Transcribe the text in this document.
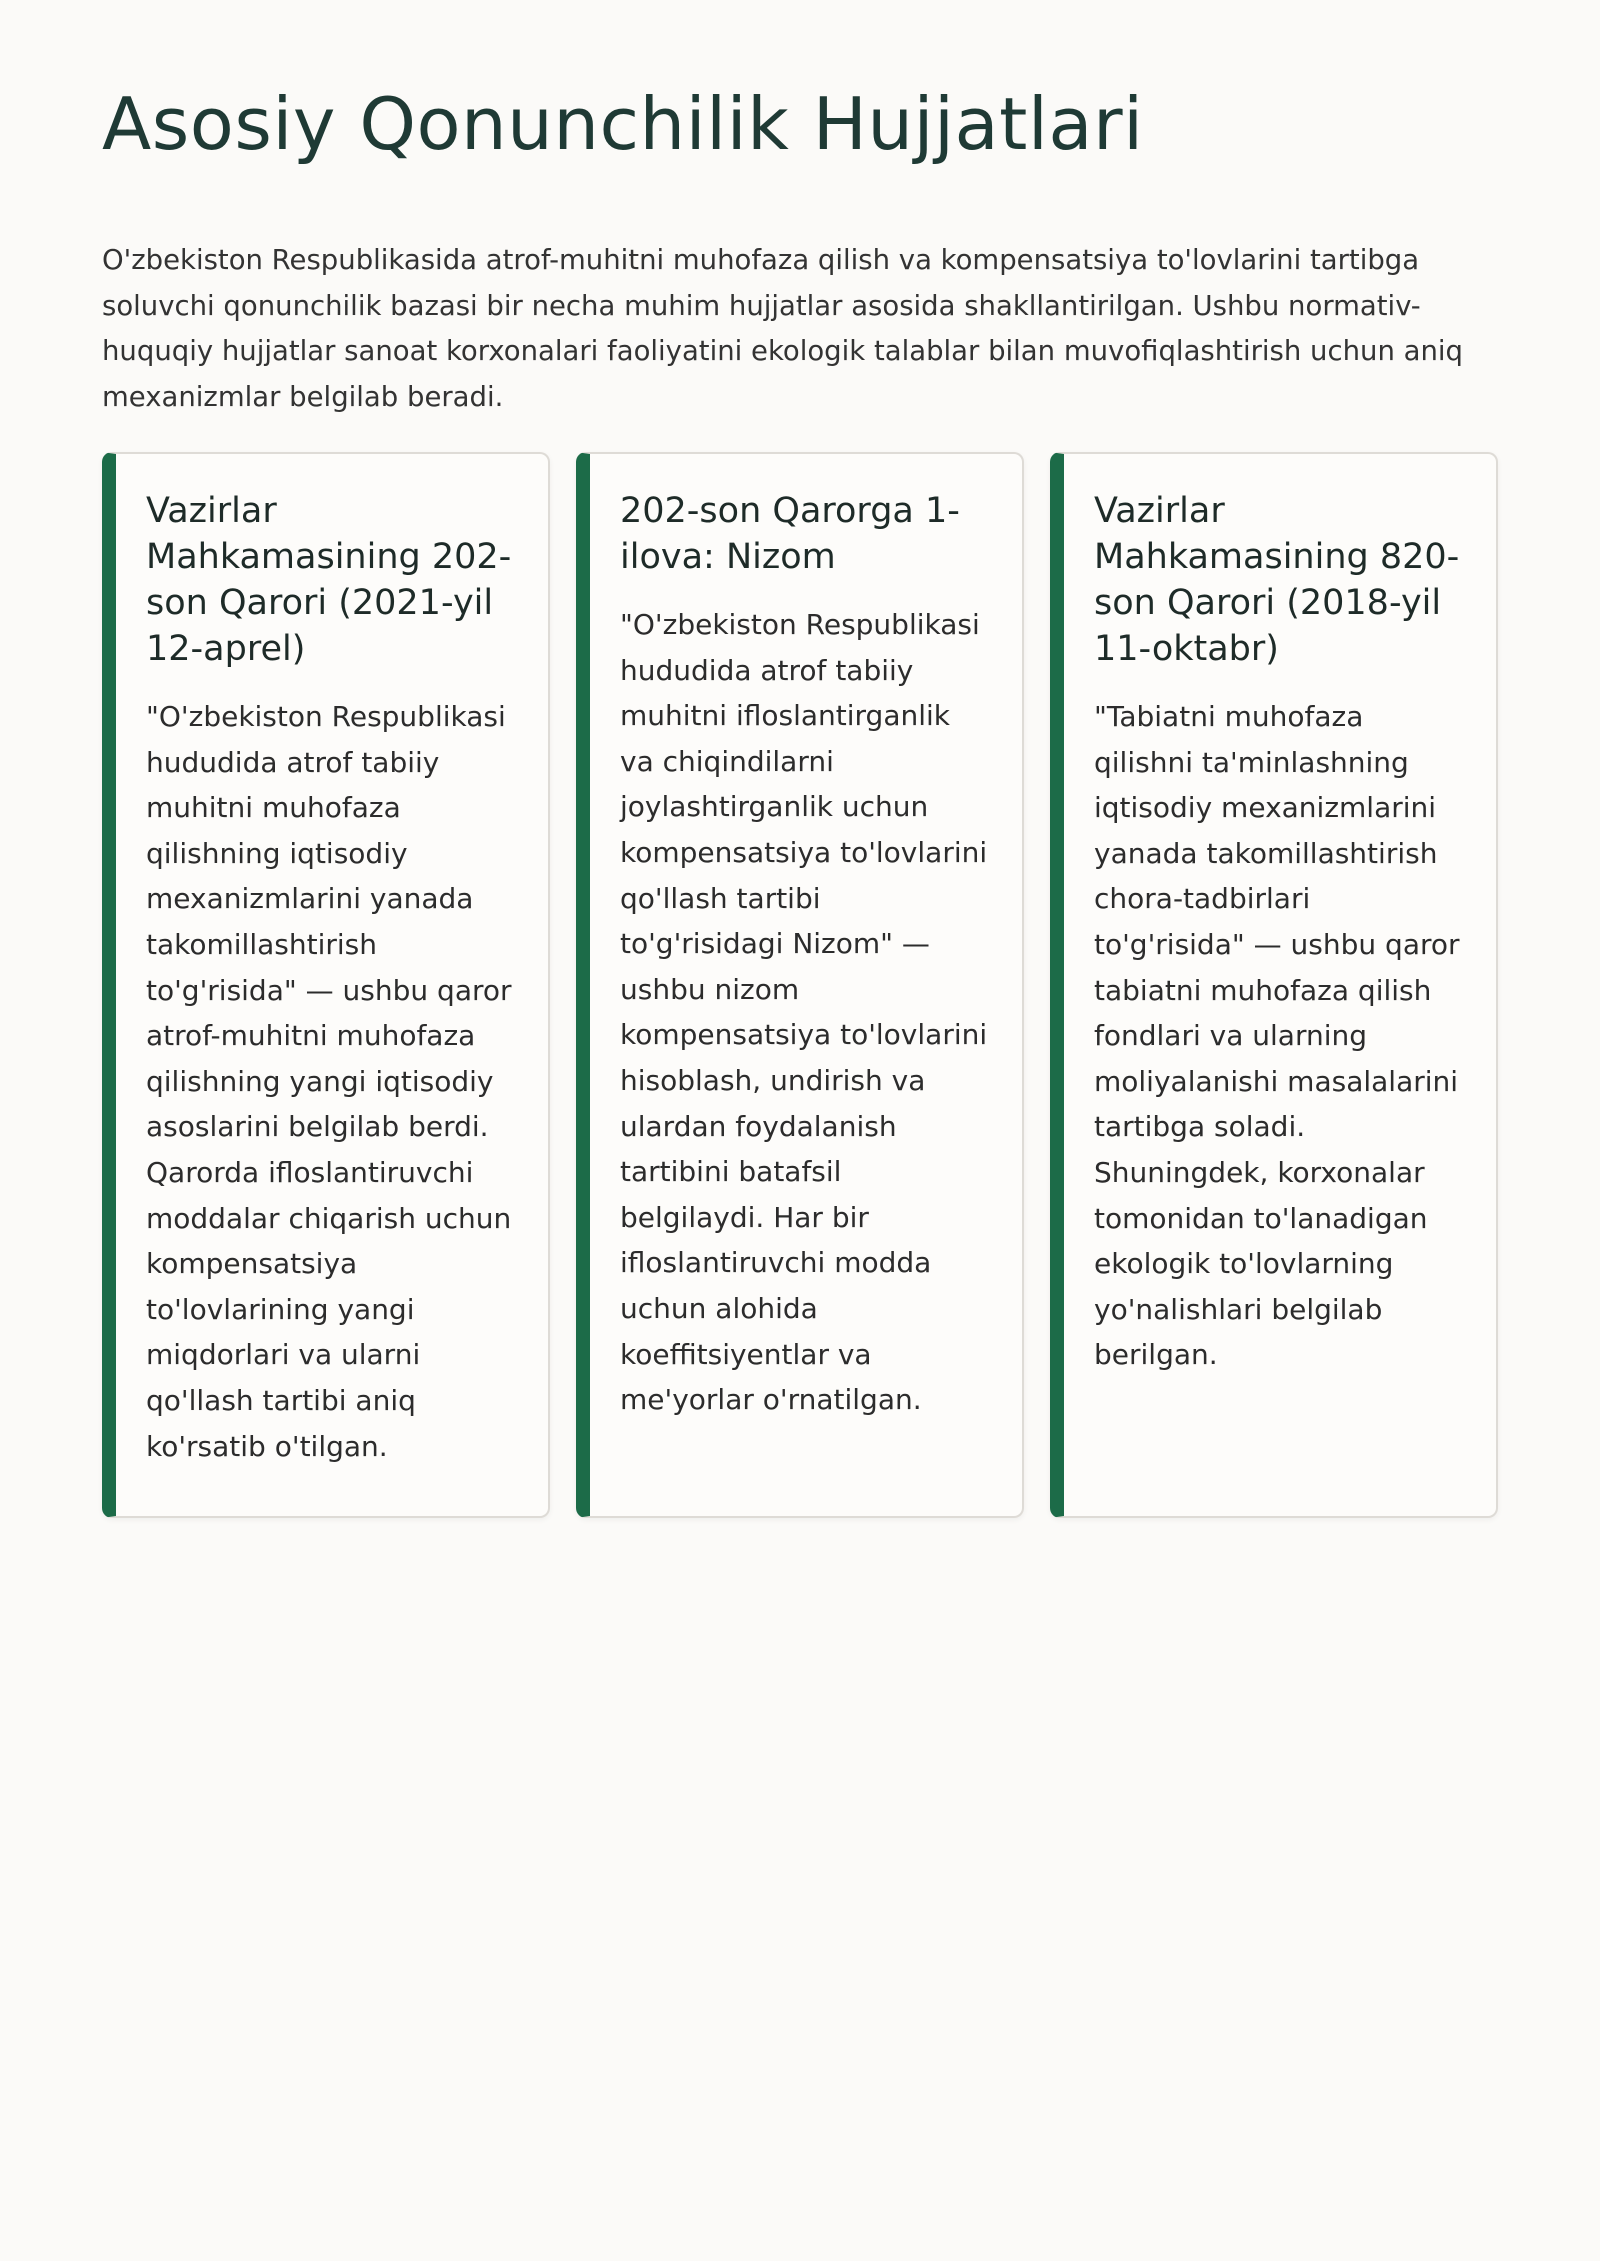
Asosiy Qonunchilik Hujjatlari

O'zbekiston Respublikasida atrof-muhitni muhofaza qilish va kompensatsiya to'lovlarini tartibga soluvchi qonunchilik bazasi bir necha muhim hujjatlar asosida shakllantirilgan. Ushbu normativ-huquqiy hujjatlar sanoat korxonalari faoliyatini ekologik talablar bilan muvofiqlashtirish uchun aniq mexanizmlar belgilab beradi.

Vazirlar Mahkamasining 202-son Qarori (2021-yil 12-aprel)

"O'zbekiston Respublikasi hududida atrof tabiiy muhitni muhofaza qilishning iqtisodiy mexanizmlarini yanada takomillashtirish to'g'risida" — ushbu qaror atrof-muhitni muhofaza qilishning yangi iqtisodiy asoslarini belgilab berdi. Qarorda ifloslantiruvchi moddalar chiqarish uchun kompensatsiya to'lovlarining yangi miqdorlari va ularni qo'llash tartibi aniq ko'rsatib o'tilgan.

202-son Qarorga 1-ilova: Nizom

"O'zbekiston Respublikasi hududida atrof tabiiy muhitni ifloslantirganlik va chiqindilarni joylashtirganlik uchun kompensatsiya to'lovlarini qo'llash tartibi to'g'risidagi Nizom" — ushbu nizom kompensatsiya to'lovlarini hisoblash, undirish va ulardan foydalanish tartibini batafsil belgilaydi. Har bir ifloslantiruvchi modda uchun alohida koeffitsiyentlar va me'yorlar o'rnatilgan.

Vazirlar Mahkamasining 820-son Qarori (2018-yil 11-oktabr)

"Tabiatni muhofaza qilishni ta'minlashning iqtisodiy mexanizmlarini yanada takomillashtirish chora-tadbirlari to'g'risida" — ushbu qaror tabiatni muhofaza qilish fondlari va ularning moliyalanishi masalalarini tartibga soladi. Shuningdek, korxonalar tomonidan to'lanadigan ekologik to'lovlarning yo'nalishlari belgilab berilgan.
